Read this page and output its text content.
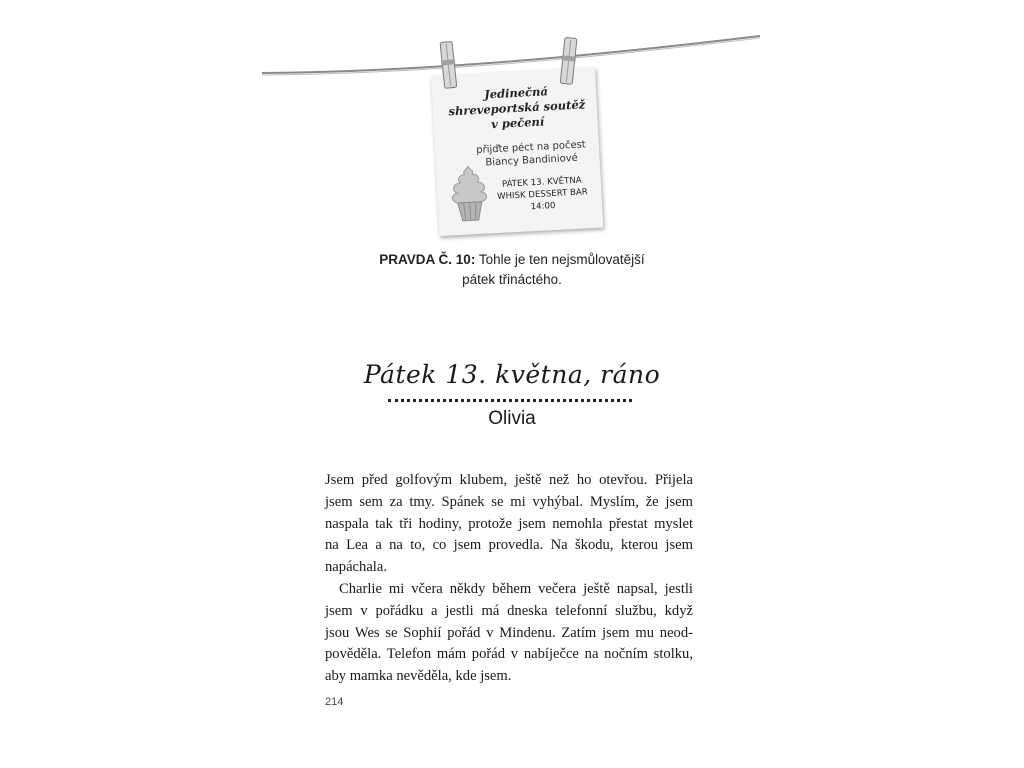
Jedinečná
shreveportská soutěž
v pečení
přijďte péct na počest
Biancy Bandiniové
PÁTEK 13. KVĚTNA
WHISK DESSERT BAR
14:00
PRAVDA Č. 10: Tohle je ten nejsmůlovatější
pátek třináctého.
Pátek 13. května, ráno
Olivia

Jsem před golfovým klubem, ještě než ho otevřou. Přijela
jsem sem za tmy. Spánek se mi vyhýbal. Myslím, že jsem
naspala tak tři hodiny, protože jsem nemohla přestat myslet
na Lea a na to, co jsem provedla. Na škodu, kterou jsem
napáchala.

Charlie mi včera někdy během večera ještě napsal, jestli
jsem v pořádku a jestli má dneska telefonní službu, když
jsou Wes se Sophií pořád v Mindenu. Zatím jsem mu neod-
pověděla. Telefon mám pořád v nabíječce na nočním stolku,
aby mamka nevěděla, kde jsem.

214
